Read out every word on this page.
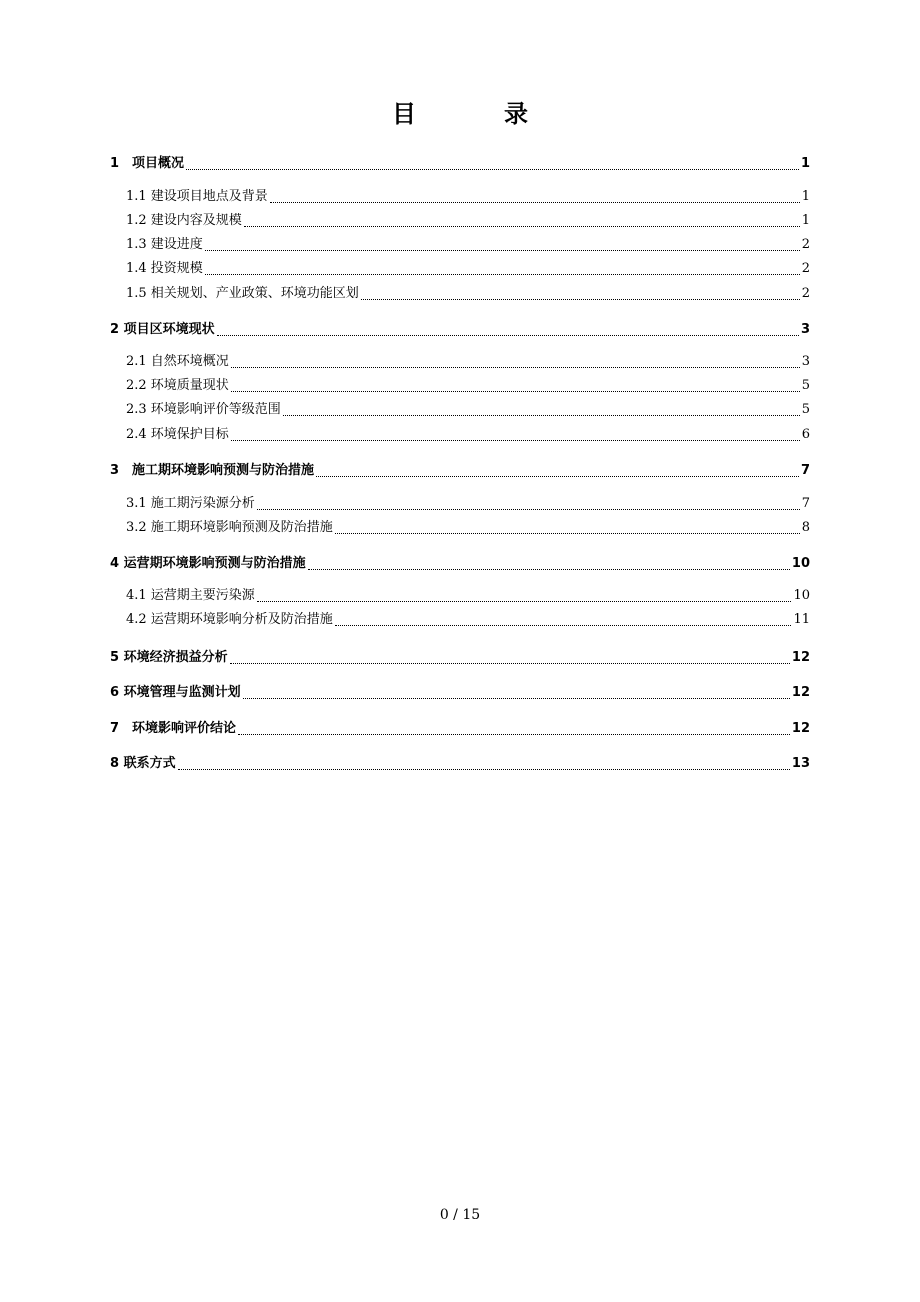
目　录
1　项目概况	1
1.1 建设项目地点及背景	1
1.2 建设内容及规模	1
1.3 建设进度	2
1.4 投资规模	2
1.5 相关规划、产业政策、环境功能区划	2
2 项目区环境现状	3
2.1 自然环境概况	3
2.2 环境质量现状	5
2.3 环境影响评价等级范围	5
2.4 环境保护目标	6
3　施工期环境影响预测与防治措施	7
3.1 施工期污染源分析	7
3.2 施工期环境影响预测及防治措施	8
4 运营期环境影响预测与防治措施	10
4.1 运营期主要污染源	10
4.2 运营期环境影响分析及防治措施	11
5 环境经济损益分析	12
6 环境管理与监测计划	12
7　环境影响评价结论	12
8 联系方式	13
0 / 15
